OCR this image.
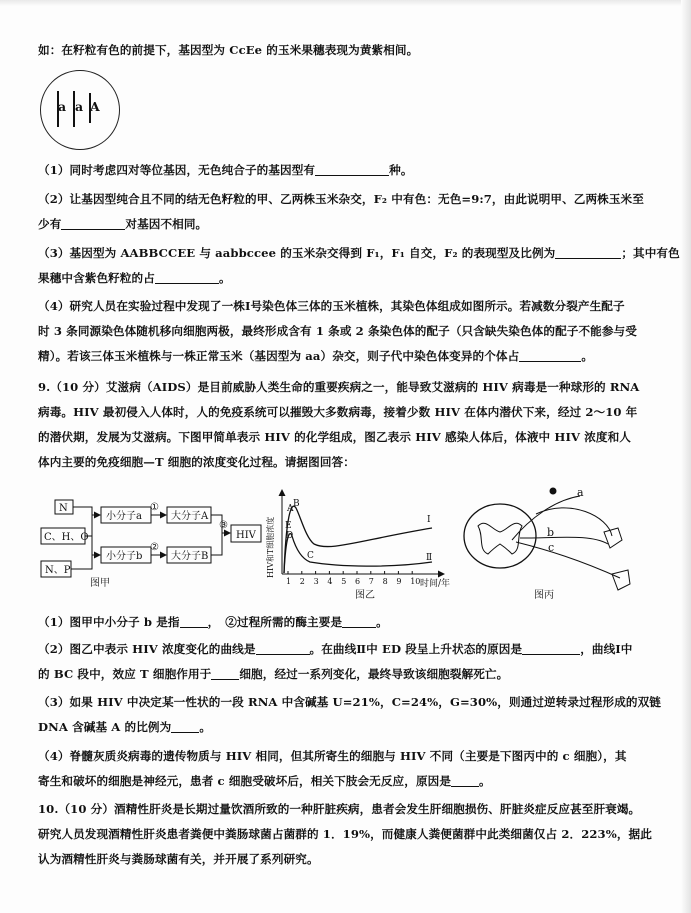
如：在籽粒有色的前提下，基因型为 CcEe 的玉米果穗表现为黄紫相间。
a a A
（1）同时考虑四对等位基因，无色纯合子的基因型有	种。
（2）让基因型纯合且不同的结无色籽粒的甲、乙两株玉米杂交，F₂ 中有色：无色=9:7，由此说明甲、乙两株玉米至
少有	对基因不相同。
（3）基因型为 AABBCCEE 与 aabbccee 的玉米杂交得到 F₁，F₁ 自交，F₂ 的表现型及比例为	；其中有色
果穗中含紫色籽粒的占	。
（4）研究人员在实验过程中发现了一株Ⅰ号染色体三体的玉米植株，其染色体组成如图所示。若减数分裂产生配子
时 3 条同源染色体随机移向细胞两极，最终形成含有 1 条或 2 条染色体的配子（只含缺失染色体的配子不能参与受
精）。若该三体玉米植株与一株正常玉米（基因型为 aa）杂交，则子代中染色体变异的个体占	。
9.（10 分）艾滋病（AIDS）是目前威胁人类生命的重要疾病之一，能导致艾滋病的 HIV 病毒是一种球形的 RNA
病毒。HIV 最初侵入人体时，人的免疫系统可以摧毁大多数病毒，接着少数 HIV 在体内潜伏下来，经过 2～10 年
的潜伏期，发展为艾滋病。下图甲简单表示 HIV 的化学组成，图乙表示 HIV 感染人体后，体液中 HIV 浓度和人
体内主要的免疫细胞—T 细胞的浓度变化过程。请据图回答：
N
C、H、O
N、P
小分子a
小分子b
①
②
大分子A
大分子B
③
HIV
图甲
HIV和T细胞浓度
时间/年
1 2 3 4 5 6 7 8 9 10
A B
C
D
E
Ⅰ
Ⅱ
图乙
a
b
c
图丙
（1）图甲中小分子 b 是指 ，　 ②过程所需的酶主要是	。
（2）图乙中表示 HIV 浓度变化的曲线是	。在曲线Ⅱ中 ED 段呈上升状态的原因是	，曲线Ⅰ中
的 BC 段中，效应 T 细胞作用于 细胞，经过一系列变化，最终导致该细胞裂解死亡。
（3）如果 HIV 中决定某一性状的一段 RNA 中含碱基 U=21%，C=24%，G=30%，则通过逆转录过程形成的双链
DNA 含碱基 A 的比例为 。
（4）脊髓灰质炎病毒的遗传物质与 HIV 相同，但其所寄生的细胞与 HIV 不同（主要是下图丙中的 c 细胞），其
寄生和破坏的细胞是神经元，患者 c 细胞受破坏后，相关下肢会无反应，原因是 。
10.（10 分）酒精性肝炎是长期过量饮酒所致的一种肝脏疾病，患者会发生肝细胞损伤、肝脏炎症反应甚至肝衰竭。
研究人员发现酒精性肝炎患者粪便中粪肠球菌占菌群的 1．19%，而健康人粪便菌群中此类细菌仅占 2．223%，据此
认为酒精性肝炎与粪肠球菌有关，并开展了系列研究。
